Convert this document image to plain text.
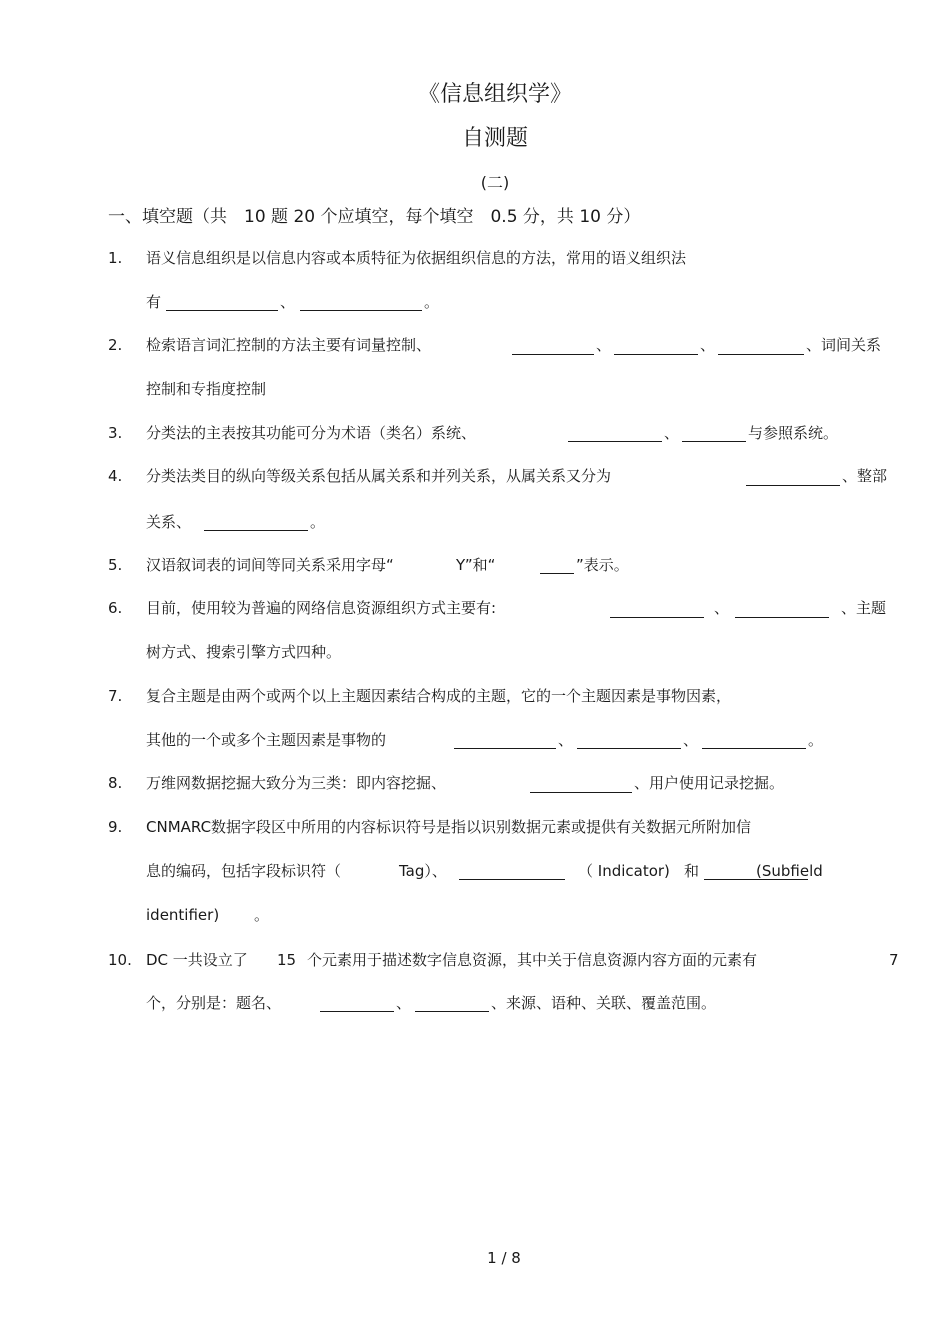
《信息组织学》
自测题
(二)
一、填空题（共　10 题 20 个应填空，每个填空　0.5 分，共 10 分）
1. 语义信息组织是以信息内容或本质特征为依据组织信息的方法，常用的语义组织法
有	、	。
2. 检索语言词汇控制的方法主要有词量控制、	、	、	、词间关系
控制和专指度控制
3. 分类法的主表按其功能可分为术语（类名）系统、	、	与参照系统。
4. 分类法类目的纵向等级关系包括从属关系和并列关系，从属关系又分为	、整部
关系、	。
5. 汉语叙词表的词间等同关系采用字母“	Y”和“	”表示。
6. 目前，使用较为普遍的网络信息资源组织方式主要有:	、	、主题
树方式、搜索引擎方式四种。
7. 复合主题是由两个或两个以上主题因素结合构成的主题，它的一个主题因素是事物因素，
其他的一个或多个主题因素是事物的	、	、	。
8. 万维网数据挖掘大致分为三类：即内容挖掘、	、用户使用记录挖掘。
9. CNMARC 数据字段区中所用的内容标识符号是指以识别数据元素或提供有关数据元所附加信
息的编码，包括字段标识符（	Tag）、	（ Indicator) 和	(Subfield
identifier) 。
10. DC 一共设立了 15 个元素用于描述数字信息资源，其中关于信息资源内容方面的元素有	7
个，分别是：题名、	、	、来源、语种、关联、覆盖范围。
1 / 8
